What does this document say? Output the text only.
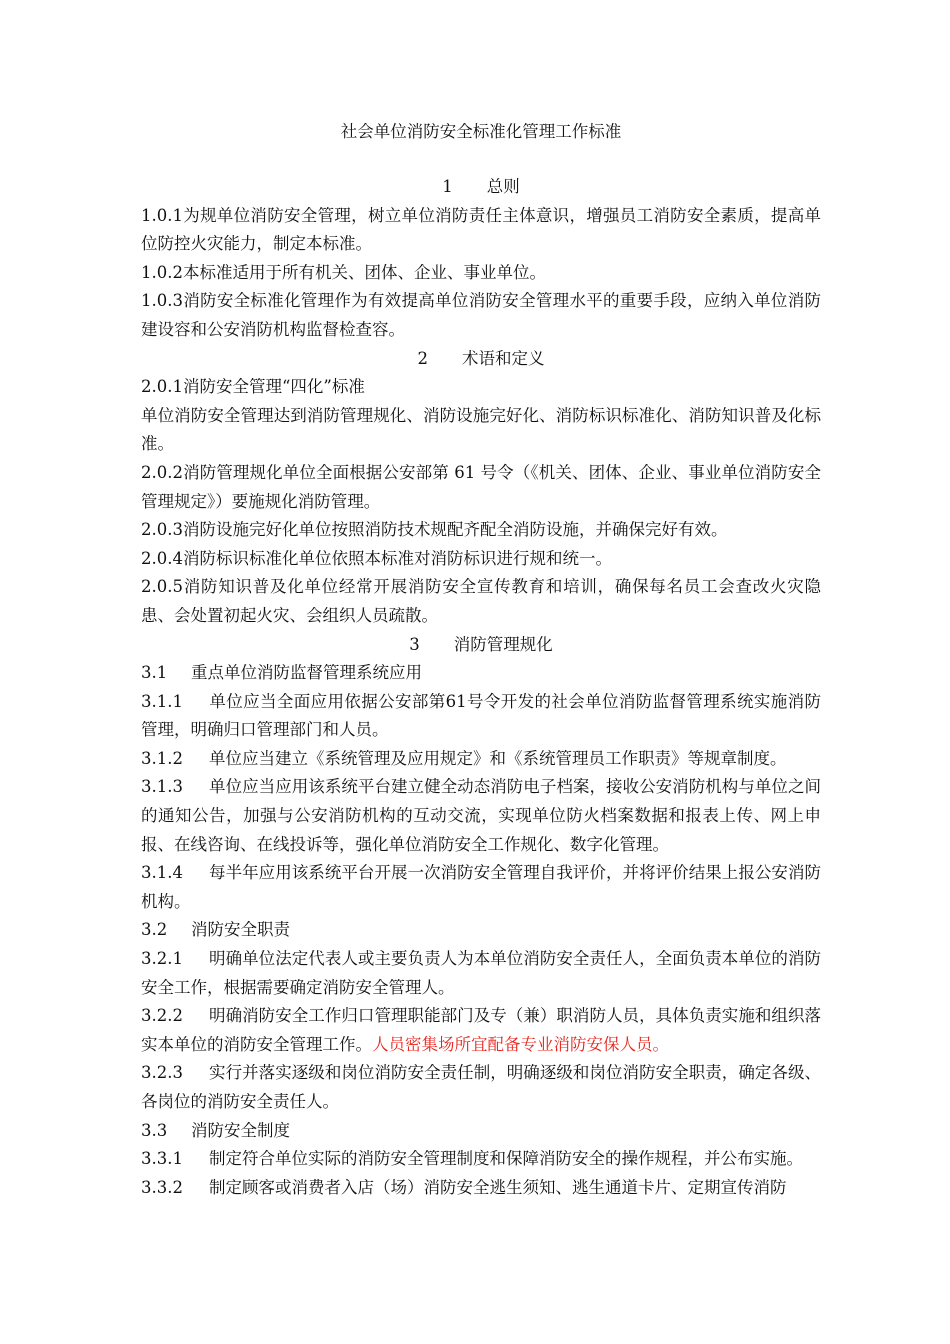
社会单位消防安全标准化管理工作标准
1 总则

1.0.1为规单位消防安全管理，树立单位消防责任主体意识，增强员工消防安全素质，提高单位防控火灾能力，制定本标准。

1.0.2本标准适用于所有机关、团体、企业、事业单位。

1.0.3消防安全标准化管理作为有效提高单位消防安全管理水平的重要手段，应纳入单位消防建设容和公安消防机构监督检查容。

2 术语和定义

2.0.1消防安全管理“四化”标准

单位消防安全管理达到消防管理规化、消防设施完好化、消防标识标准化、消防知识普及化标准。

2.0.2消防管理规化单位全面根据公安部第 61 号令（《机关、团体、企业、事业单位消防安全管理规定》）要施规化消防管理。

2.0.3消防设施完好化单位按照消防技术规配齐配全消防设施，并确保完好有效。

2.0.4消防标识标准化单位依照本标准对消防标识进行规和统一。

2.0.5消防知识普及化单位经常开展消防安全宣传教育和培训，确保每名员工会查改火灾隐患、会处置初起火灾、会组织人员疏散。

3 消防管理规化

3.1 重点单位消防监督管理系统应用

3.1.1 单位应当全面应用依据公安部第61号令开发的社会单位消防监督管理系统实施消防管理，明确归口管理部门和人员。

3.1.2 单位应当建立《系统管理及应用规定》和《系统管理员工作职责》等规章制度。

3.1.3 单位应当应用该系统平台建立健全动态消防电子档案，接收公安消防机构与单位之间的通知公告，加强与公安消防机构的互动交流，实现单位防火档案数据和报表上传、网上申报、在线咨询、在线投诉等，强化单位消防安全工作规化、数字化管理。

3.1.4 每半年应用该系统平台开展一次消防安全管理自我评价，并将评价结果上报公安消防机构。

3.2 消防安全职责

3.2.1 明确单位法定代表人或主要负责人为本单位消防安全责任人，全面负责本单位的消防安全工作，根据需要确定消防安全管理人。

3.2.2 明确消防安全工作归口管理职能部门及专（兼）职消防人员，具体负责实施和组织落实本单位的消防安全管理工作。人员密集场所宜配备专业消防安保人员。

3.2.3 实行并落实逐级和岗位消防安全责任制，明确逐级和岗位消防安全职责，确定各级、各岗位的消防安全责任人。

3.3 消防安全制度

3.3.1 制定符合单位实际的消防安全管理制度和保障消防安全的操作规程，并公布实施。

3.3.2 制定顾客或消费者入店（场）消防安全逃生须知、逃生通道卡片、定期宣传消防
